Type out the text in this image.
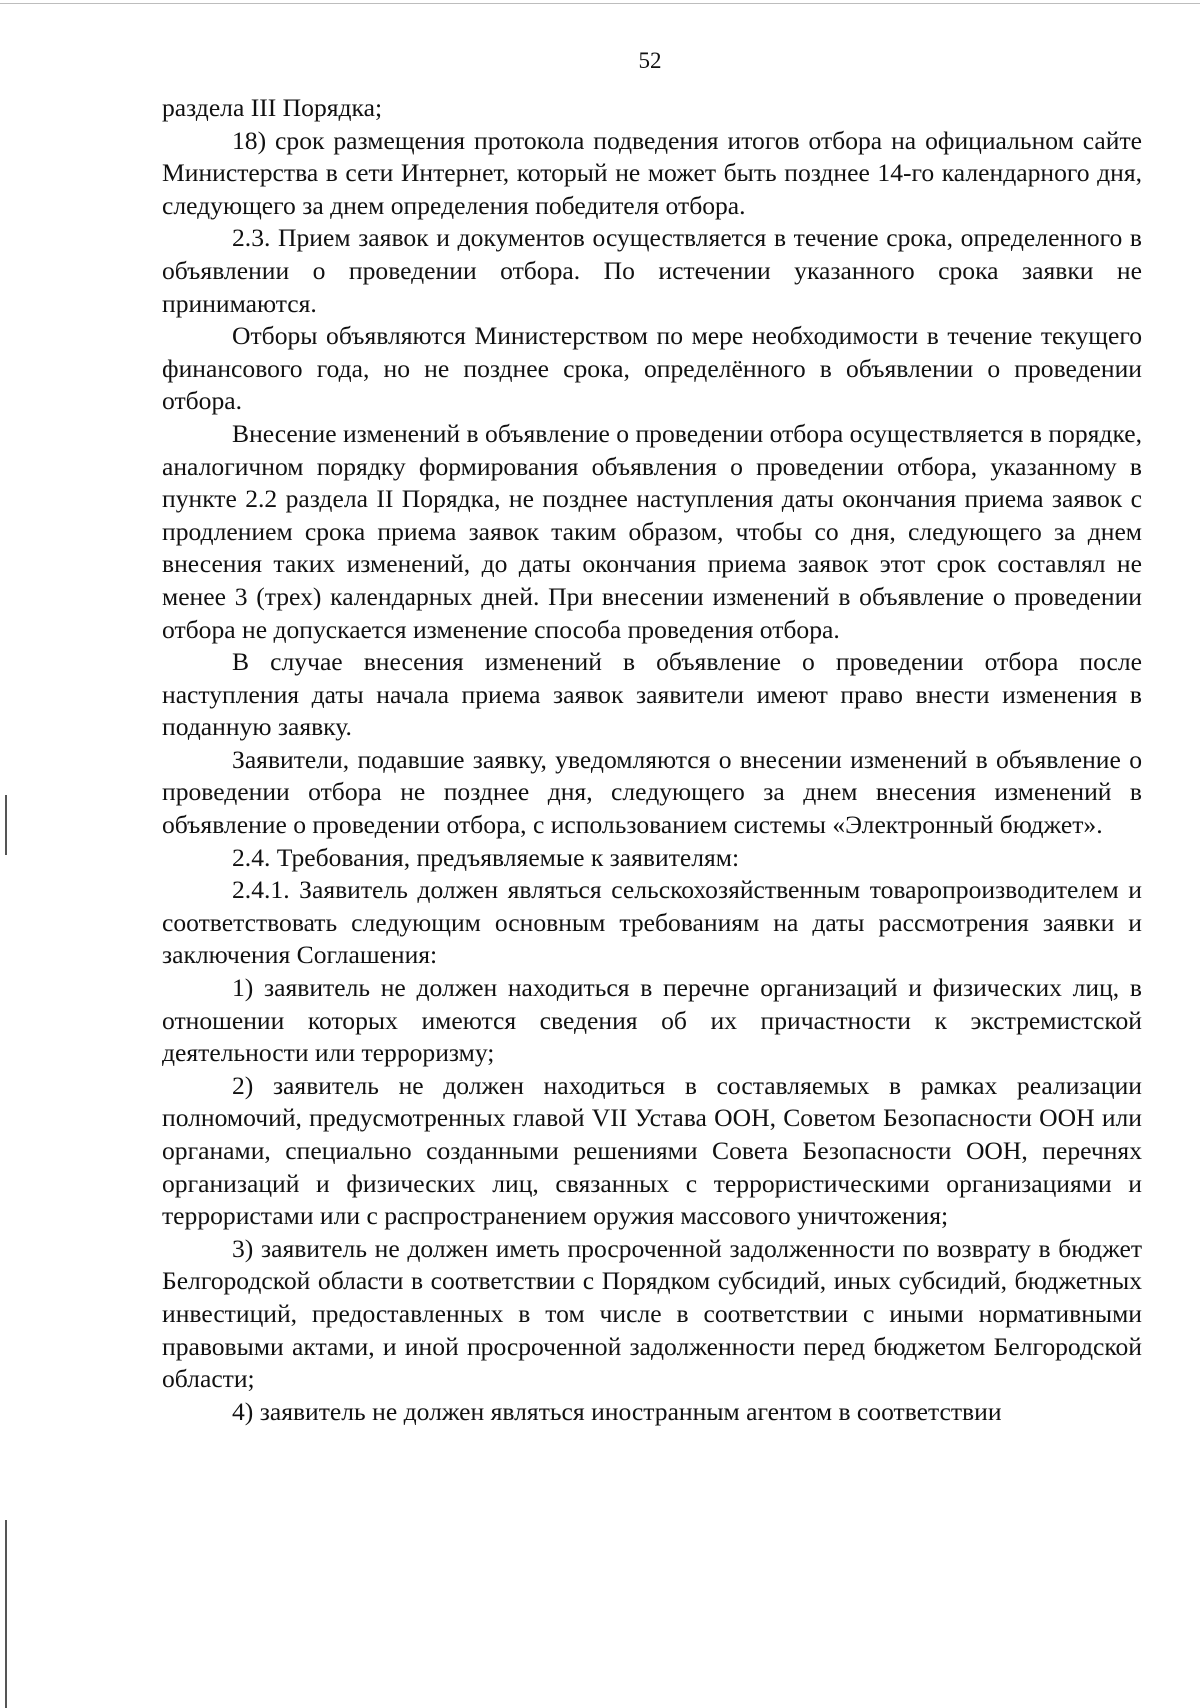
52

раздела III Порядка;

18) срок размещения протокола подведения итогов отбора на официальном сайте Министерства в сети Интернет, который не может быть позднее 14-го календарного дня, следующего за днем определения победителя отбора.

2.3. Прием заявок и документов осуществляется в течение срока, определенного в объявлении о проведении отбора. По истечении указанного срока заявки не принимаются.

Отборы объявляются Министерством по мере необходимости в течение текущего финансового года, но не позднее срока, определённого в объявлении о проведении отбора.

Внесение изменений в объявление о проведении отбора осуществляется в порядке, аналогичном порядку формирования объявления о проведении отбора, указанному в пункте 2.2 раздела II Порядка, не позднее наступления даты окончания приема заявок с продлением срока приема заявок таким образом, чтобы со дня, следующего за днем внесения таких изменений, до даты окончания приема заявок этот срок составлял не менее 3 (трех) календарных дней. При внесении изменений в объявление о проведении отбора не допускается изменение способа проведения отбора.

В случае внесения изменений в объявление о проведении отбора после наступления даты начала приема заявок заявители имеют право внести изменения в поданную заявку.

Заявители, подавшие заявку, уведомляются о внесении изменений в объявление о проведении отбора не позднее дня, следующего за днем внесения изменений в объявление о проведении отбора, с использованием системы «Электронный бюджет».

2.4. Требования, предъявляемые к заявителям:

2.4.1. Заявитель должен являться сельскохозяйственным товаропроизводителем и соответствовать следующим основным требованиям на даты рассмотрения заявки и заключения Соглашения:

1) заявитель не должен находиться в перечне организаций и физических лиц, в отношении которых имеются сведения об их причастности к экстремистской деятельности или терроризму;

2) заявитель не должен находиться в составляемых в рамках реализации полномочий, предусмотренных главой VII Устава ООН, Советом Безопасности ООН или органами, специально созданными решениями Совета Безопасности ООН, перечнях организаций и физических лиц, связанных с террористическими организациями и террористами или с распространением оружия массового уничтожения;

3) заявитель не должен иметь просроченной задолженности по возврату в бюджет Белгородской области в соответствии с Порядком субсидий, иных субсидий, бюджетных инвестиций, предоставленных в том числе в соответствии с иными нормативными правовыми актами, и иной просроченной задолженности перед бюджетом Белгородской области;

4) заявитель не должен являться иностранным агентом в соответствии
